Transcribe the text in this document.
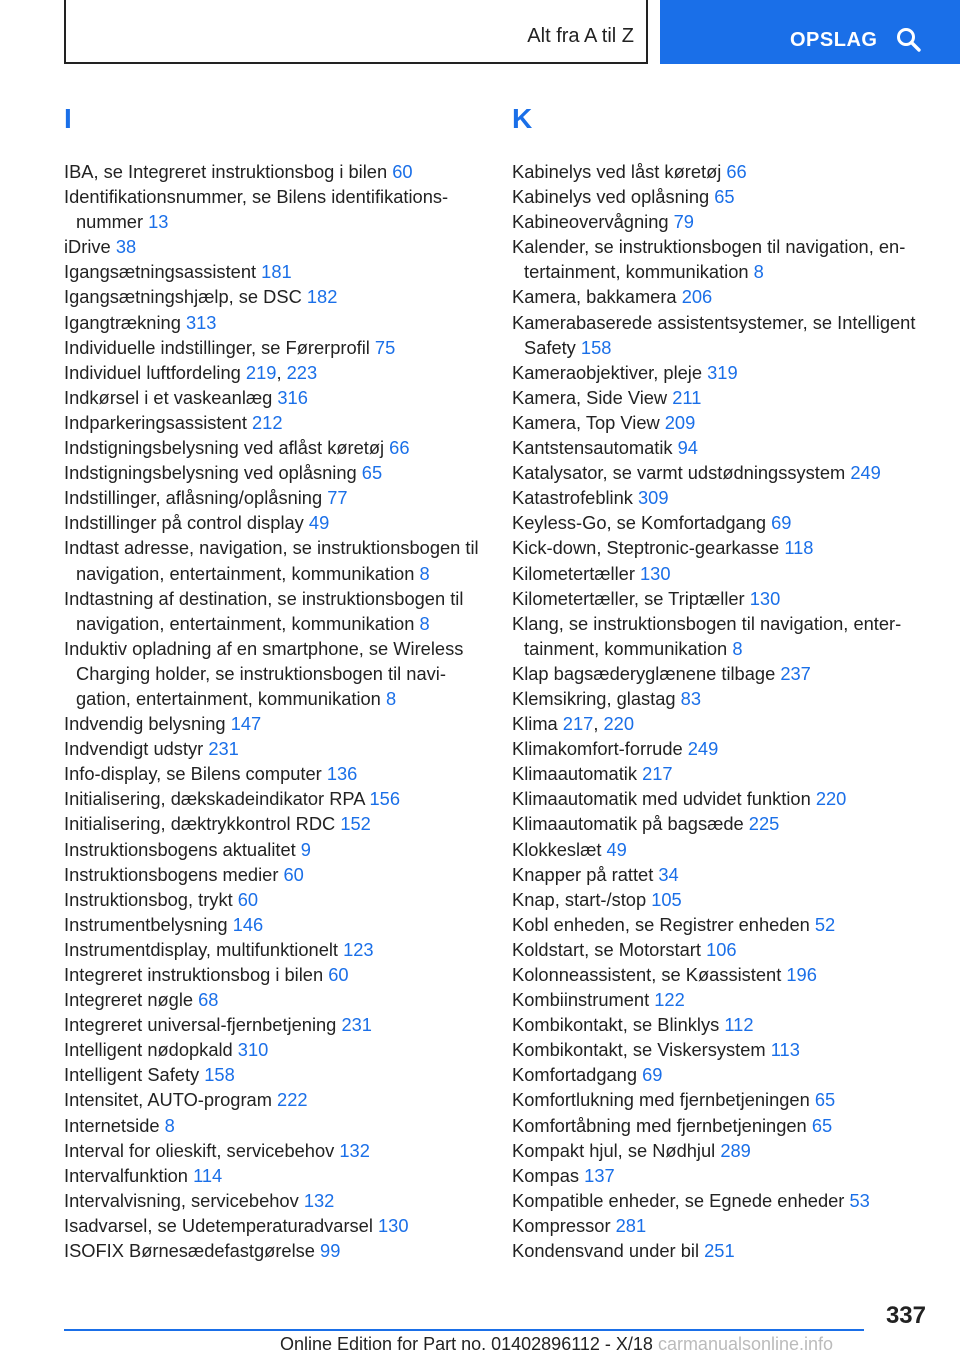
Alt fra A til Z	OPSLAG
I	K
IBA, se Integreret instruktionsbog i bilen 60
Identifikationsnummer, se Bilens identifikationsnummer 13
iDrive 38
Igangsætningsassistent 181
Igangsætningshjælp, se DSC 182
Igangtrækning 313
Individuelle indstillinger, se Førerprofil 75
Individuel luftfordeling 219, 223
Indkørsel i et vaskeanlæg 316
Indparkeringsassistent 212
Indstigningsbelysning ved aflåst køretøj 66
Indstigningsbelysning ved oplåsning 65
Indstillinger, aflåsning/oplåsning 77
Indstillinger på control display 49
Indtast adresse, navigation, se instruktionsbogen til navigation, entertainment, kommunikation 8
Indtastning af destination, se instruktionsbogen til navigation, entertainment, kommunikation 8
Induktiv opladning af en smartphone, se Wireless Charging holder, se instruktionsbogen til navigation, entertainment, kommunikation 8
Indvendig belysning 147
Indvendigt udstyr 231
Info-display, se Bilens computer 136
Initialisering, dækskadeindikator RPA 156
Initialisering, dæktrykkontrol RDC 152
Instruktionsbogens aktualitet 9
Instruktionsbogens medier 60
Instruktionsbog, trykt 60
Instrumentbelysning 146
Instrumentdisplay, multifunktionelt 123
Integreret instruktionsbog i bilen 60
Integreret nøgle 68
Integreret universal-fjernbetjening 231
Intelligent nødopkald 310
Intelligent Safety 158
Intensitet, AUTO-program 222
Internetside 8
Interval for olieskift, servicebehov 132
Intervalfunktion 114
Intervalvisning, servicebehov 132
Isadvarsel, se Udetemperaturadvarsel 130
ISOFIX Børnesædefastgørelse 99
Kabinelys ved låst køretøj 66
Kabinelys ved oplåsning 65
Kabineovervågning 79
Kalender, se instruktionsbogen til navigation, entertainment, kommunikation 8
Kamera, bakkamera 206
Kamerabaserede assistentsystemer, se Intelligent Safety 158
Kameraobjektiver, pleje 319
Kamera, Side View 211
Kamera, Top View 209
Kantstensautomatik 94
Katalysator, se varmt udstødningssystem 249
Katastrofeblink 309
Keyless-Go, se Komfortadgang 69
Kick-down, Steptronic-gearkasse 118
Kilometertæller 130
Kilometertæller, se Triptæller 130
Klang, se instruktionsbogen til navigation, entertainment, kommunikation 8
Klap bagsæderyglænene tilbage 237
Klemsikring, glastag 83
Klima 217, 220
Klimakomfort-forrude 249
Klimaautomatik 217
Klimaautomatik med udvidet funktion 220
Klimaautomatik på bagsæde 225
Klokkeslæt 49
Knapper på rattet 34
Knap, start-/stop 105
Kobl enheden, se Registrer enheden 52
Koldstart, se Motorstart 106
Kolonneassistent, se Køassistent 196
Kombiinstrument 122
Kombikontakt, se Blinklys 112
Kombikontakt, se Viskersystem 113
Komfortadgang 69
Komfortlukning med fjernbetjeningen 65
Komfortåbning med fjernbetjeningen 65
Kompakt hjul, se Nødhjul 289
Kompas 137
Kompatible enheder, se Egnede enheder 53
Kompressor 281
Kondensvand under bil 251
337
Online Edition for Part no. 01402896112 - X/18 carmanualsonline.info
